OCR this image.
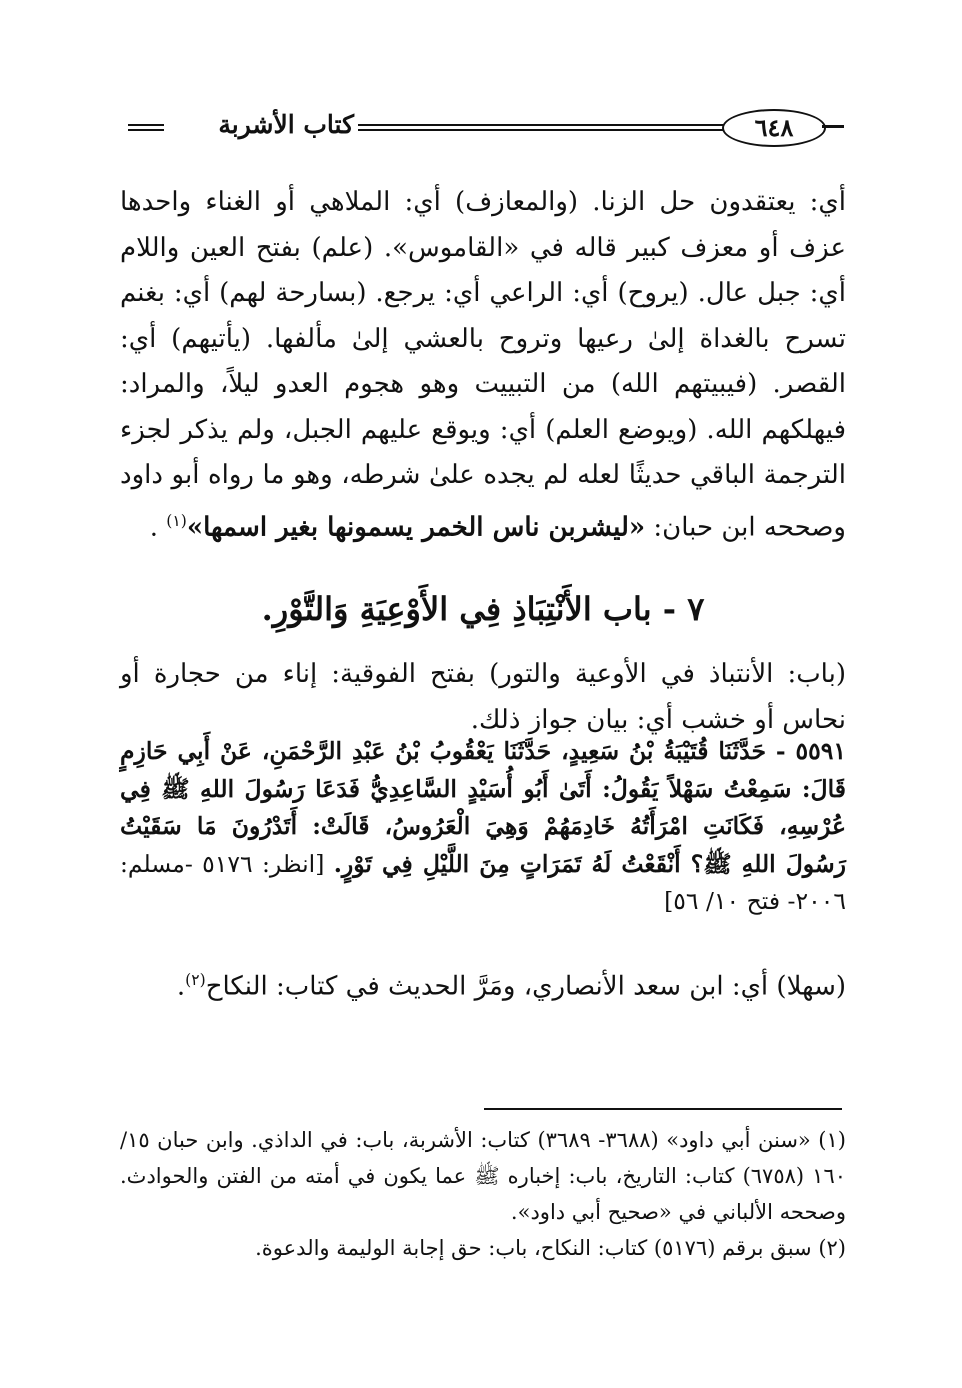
كتاب الأشربة	٦٤٨
أي: يعتقدون حل الزنا. (والمعازف) أي: الملاهي أو الغناء واحدها عزف أو معزف كبير قاله في «القاموس». (علم) بفتح العين واللام أي: جبل عال. (يروح) أي: الراعي أي: يرجع. (بسارحة لهم) أي: بغنم تسرح بالغداة إلىٰ رعيها وتروح بالعشي إلىٰ مألفها. (يأتيهم) أي: القصر. (فيبيتهم الله) من التبييت وهو هجوم العدو ليلاً، والمراد: فيهلكهم الله. (ويوضع العلم) أي: ويوقع عليهم الجبل، ولم يذكر لجزء الترجمة الباقي حديثًا لعله لم يجده علىٰ شرطه، وهو ما رواه أبو داود وصححه ابن حبان: «ليشربن ناس الخمر يسمونها بغير اسمها»$^{(١)}$ .
٧ - باب الأَنْتِبَاذِ فِي الأَوْعِيَةِ وَالتَّوْرِ.
(باب: الأنتباذ في الأوعية والتور) بفتح الفوقية: إناء من حجارة أو نحاس أو خشب أي: بيان جواز ذلك.
٥٥٩١ - حَدَّثَنَا قُتَيْبَةُ بْنُ سَعِيدٍ، حَدَّثَنَا يَعْقُوبُ بْنُ عَبْدِ الرَّحْمَنِ، عَنْ أَبِي حَازِمٍ قَالَ: سَمِعْتُ سَهْلاً يَقُولُ: أَتَىٰ أَبُو أُسَيْدٍ السَّاعِدِيُّ فَدَعَا رَسُولَ اللهِ ﷺ فِي عُرْسِهِ، فَكَانَتِ امْرَأَتُهُ خَادِمَهُمْ وَهِيَ الْعَرُوسُ، قَالَتْ: أَتَدْرُونَ مَا سَقَيْتُ رَسُولَ اللهِ ﷺ؟ أَنْقَعْتُ لَهُ تَمَرَاتٍ مِنَ اللَّيْلِ فِي تَوْرٍ. [انظر: ٥١٧٦ -مسلم: ٢٠٠٦- فتح ١٠/ ٥٦]
(سهلا) أي: ابن سعد الأنصاري، ومَرَّ الحديث في كتاب: النكاح$^{(٢)}$.

(١) «سنن أبي داود» (٣٦٨٨- ٣٦٨٩) كتاب: الأشربة، باب: في الداذي. وابن حبان ١٥/ ١٦٠ (٦٧٥٨) كتاب: التاريخ، باب: إخباره ﷺ عما يكون في أمته من الفتن والحوادث. وصححه الألباني في «صحيح أبي داود».

(٢) سبق برقم (٥١٧٦) كتاب: النكاح، باب: حق إجابة الوليمة والدعوة.
